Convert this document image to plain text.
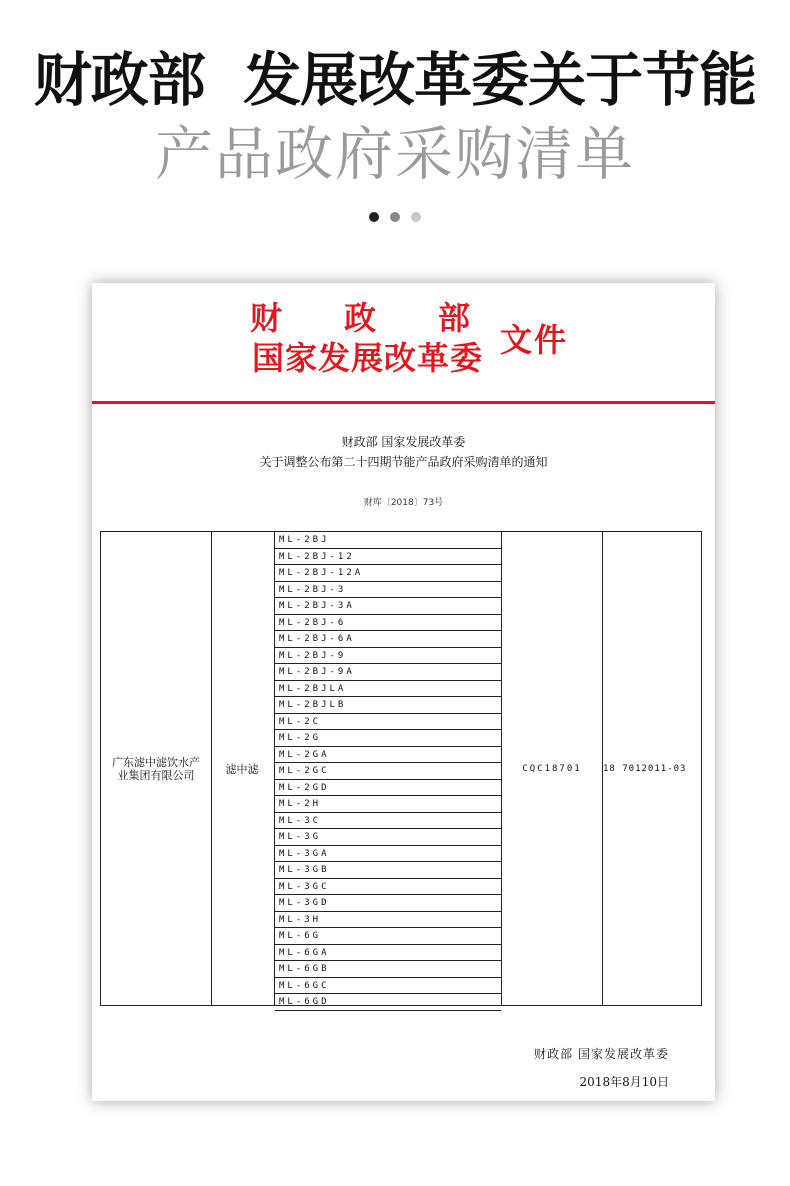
财政部  发展改革委关于节能
产品政府采购清单

财政部
国家发展改革委 文件
财政部 国家发展改革委
关于调整公布第二十四期节能产品政府采购清单的通知
财库〔2018〕73号
广东滤中滤饮水产业集团有限公司	滤中滤
ML-2BJ
ML-2BJ-12
ML-2BJ-12A
ML-2BJ-3
ML-2BJ-3A
ML-2BJ-6
ML-2BJ-6A
ML-2BJ-9
ML-2BJ-9A
ML-2BJLA
ML-2BJLB
ML-2C
ML-2G
ML-2GA
ML-2GC
ML-2GD
ML-2H
ML-3C
ML-3G
ML-3GA
ML-3GB
ML-3GC
ML-3GD
ML-3H
ML-6G
ML-6GA
ML-6GB
ML-6GC
ML-6GD
CQC18701	18 7012011-03
财政部 国家发展改革委
2018年8月10日
